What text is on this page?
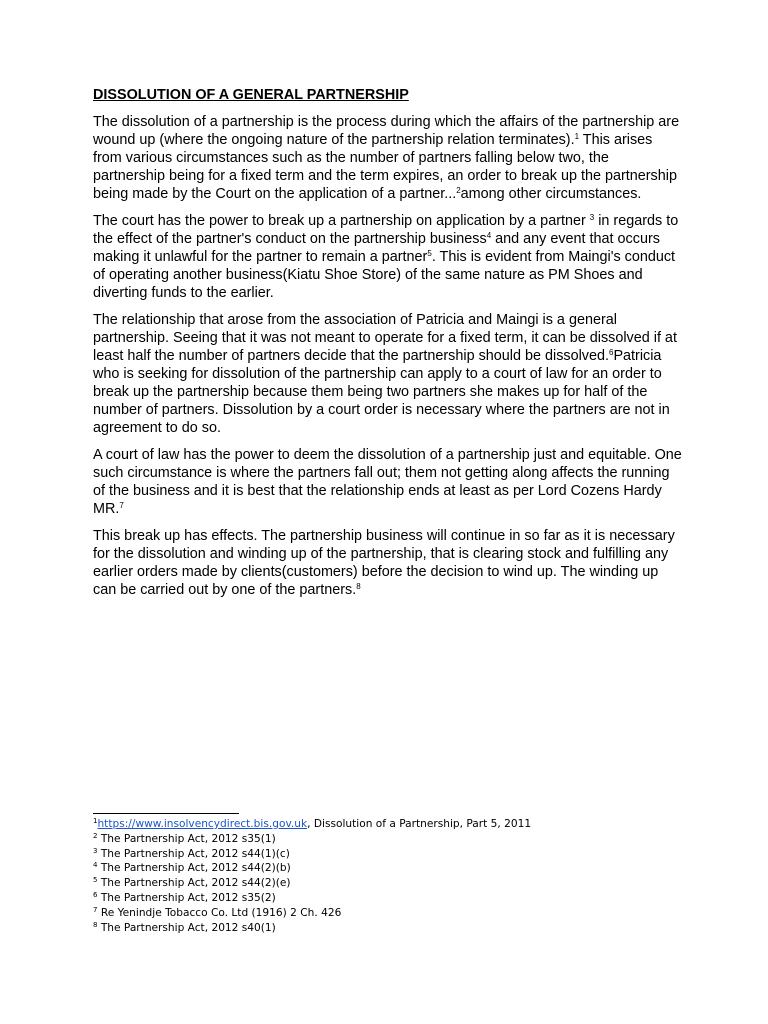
DISSOLUTION OF A GENERAL PARTNERSHIP

The dissolution of a partnership is the process during which the affairs of the partnership are wound up (where the ongoing nature of the partnership relation terminates).$^1$ This arises from various circumstances such as the number of partners falling below two, the partnership being for a fixed term and the term expires, an order to break up the partnership being made by the Court on the application of a partner...$^2$among other circumstances.

The court has the power to break up a partnership on application by a partner $^3$ in regards to the effect of the partner's conduct on the partnership business$^4$ and any event that occurs making it unlawful for the partner to remain a partner$^5$. This is evident from Maingi's conduct of operating another business(Kiatu Shoe Store) of the same nature as PM Shoes and diverting funds to the earlier.

The relationship that arose from the association of Patricia and Maingi is a general partnership. Seeing that it was not meant to operate for a fixed term, it can be dissolved if at least half the number of partners decide that the partnership should be dissolved.$^6$Patricia who is seeking for dissolution of the partnership can apply to a court of law for an order to break up the partnership because them being two partners she makes up for half of the number of partners. Dissolution by a court order is necessary where the partners are not in agreement to do so.

A court of law has the power to deem the dissolution of a partnership just and equitable. One such circumstance is where the partners fall out; them not getting along affects the running of the business and it is best that the relationship ends at least as per Lord Cozens Hardy MR.$^7$

This break up has effects. The partnership business will continue in so far as it is necessary for the dissolution and winding up of the partnership, that is clearing stock and fulfilling any earlier orders made by clients(customers) before the decision to wind up. The winding up can be carried out by one of the partners.$^8$

$^1$https://www.insolvencydirect.bis.gov.uk, Dissolution of a Partnership, Part 5, 2011
$^2$ The Partnership Act, 2012 s35(1)
$^3$ The Partnership Act, 2012 s44(1)(c)
$^4$ The Partnership Act, 2012 s44(2)(b)
$^5$ The Partnership Act, 2012 s44(2)(e)
$^6$ The Partnership Act, 2012 s35(2)
$^7$ Re Yenindje Tobacco Co. Ltd (1916) 2 Ch. 426
$^8$ The Partnership Act, 2012 s40(1)
